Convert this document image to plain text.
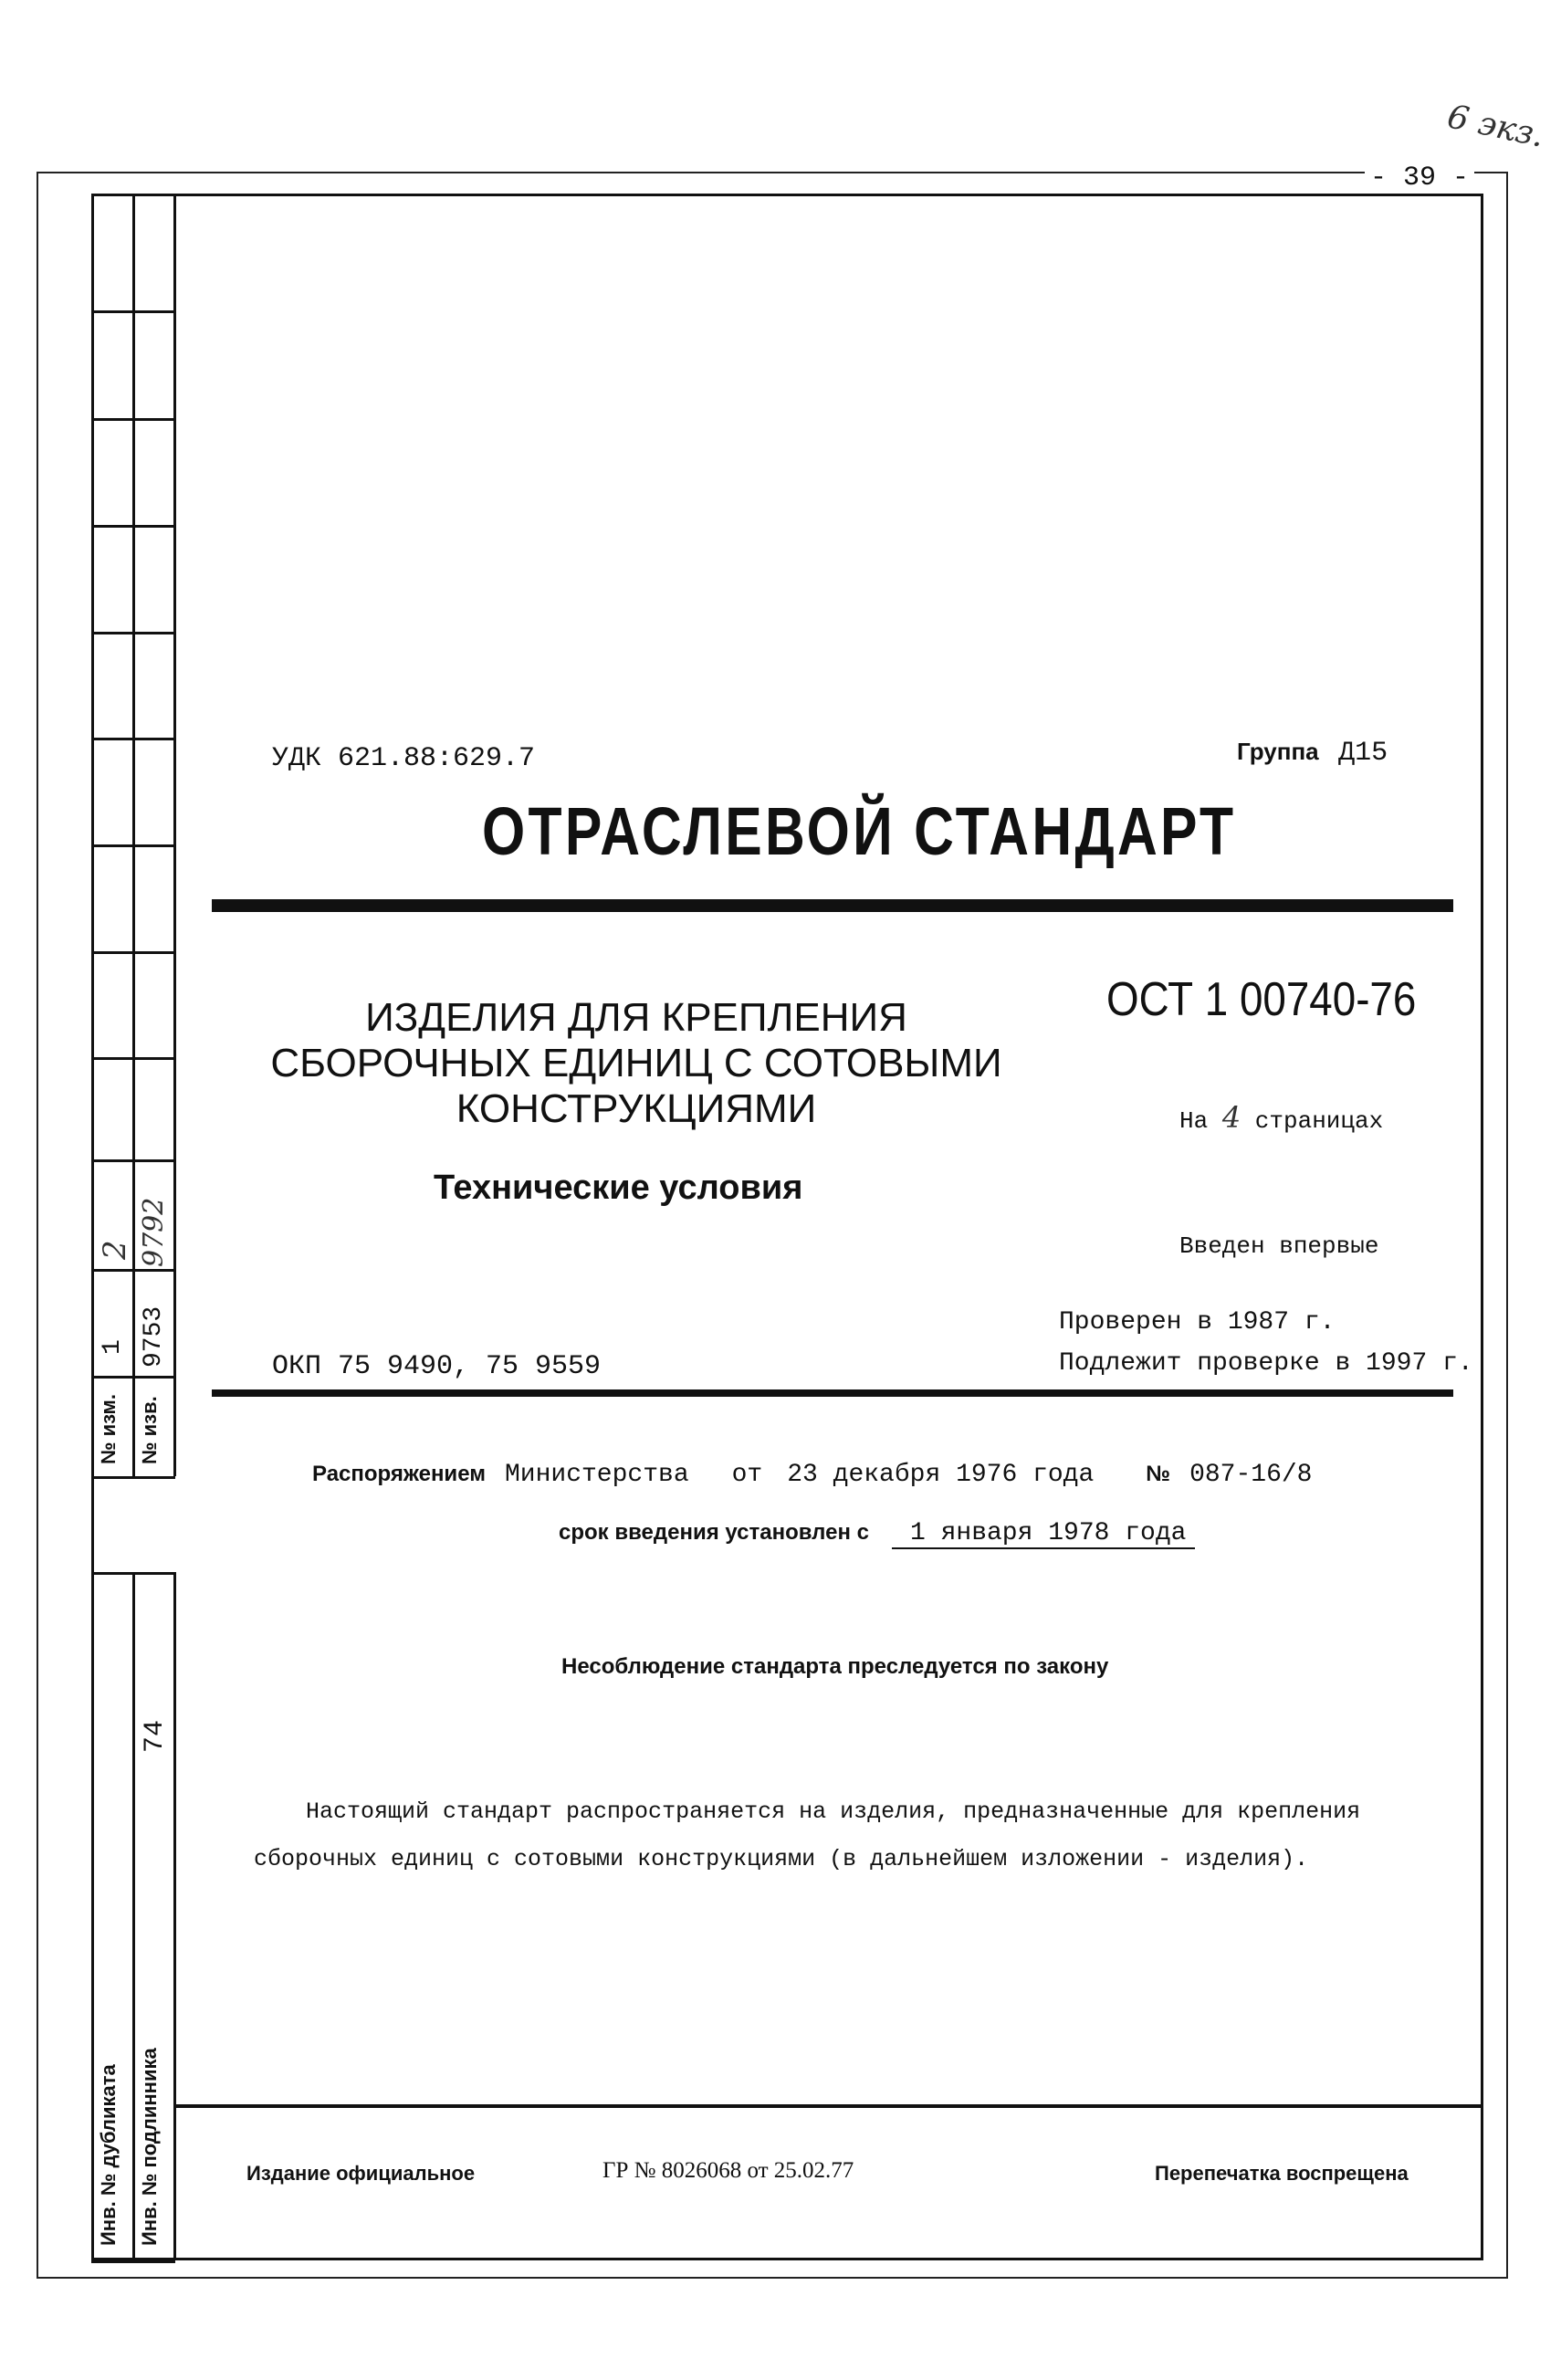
6 экз.
- 39 -
№ изм. № изв.
1 9753
2 9792
74
Инв. № дубликата Инв. № подлинника
УДК 621.88:629.7	Группа Д15
ОТРАСЛЕВОЙ СТАНДАРТ
ИЗДЕЛИЯ ДЛЯ КРЕПЛЕНИЯ
СБОРОЧНЫХ ЕДИНИЦ С СОТОВЫМИ
КОНСТРУКЦИЯМИ
Технические условия
ОСТ 1 00740-76
На 4 страницах
Введен впервые
Проверен в 1987 г.
Подлежит проверке в 1997 г.
ОКП 75 9490, 75 9559
Распоряжением Министерства от 23 декабря 1976 года № 087-16/8
срок введения установлен с 1 января 1978 года
Несоблюдение стандарта преследуется по закону
Настоящий стандарт распространяется на изделия, предназначенные для крепления
сборочных единиц с сотовыми конструкциями (в дальнейшем изложении - изделия).
Издание официальное	ГР № 8026068 от 25.02.77	Перепечатка воспрещена
